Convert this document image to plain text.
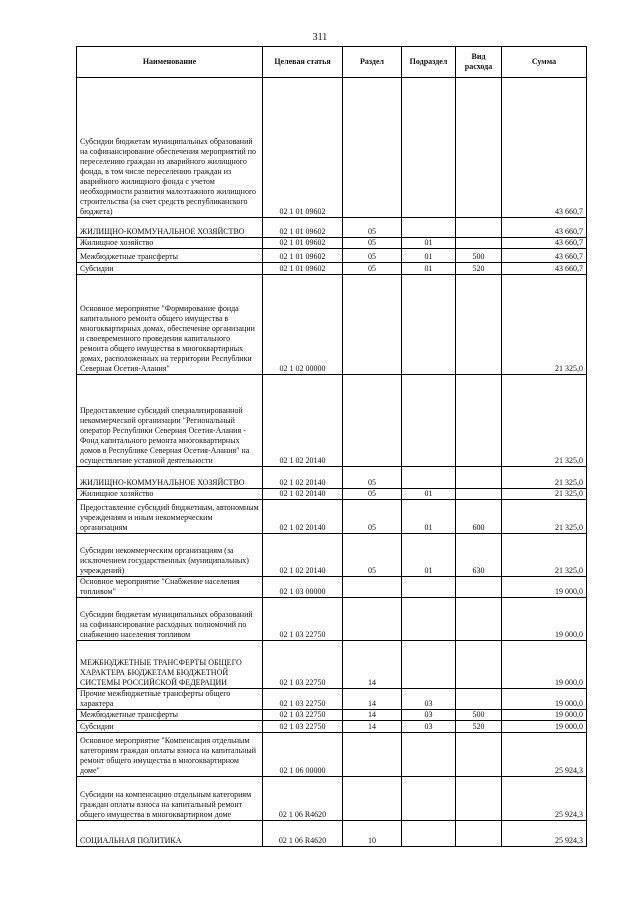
311
Наименование	Целевая статья	Раздел	Подраздел	Вид расхода	Сумма
Субсидии бюджетам муниципальных образований на софинансирование обеспечения мероприятий по переселению граждан из аварийного жилищного фонда, в том числе переселению граждан из аварийного жилищного фонда с учетом необходимости развития малоэтажного жилищного строительства (за счет средств республиканского бюджета)	02 1 01 09602				43 660,7
ЖИЛИЩНО-КОММУНАЛЬНОЕ ХОЗЯЙСТВО	02 1 01 09602	05			43 660,7
Жилищное хозяйство	02 1 01 09602	05	01		43 660,7
Межбюджетные трансферты	02 1 01 09602	05	01	500	43 660,7
Субсидии	02 1 01 09602	05	01	520	43 660,7
Основное мероприятие "Формирование фонда капитального ремонта общего имущества в многоквартирных домах, обеспечение организации и своевременного проведения капитального ремонта общего имущества в многоквартирных домах, расположенных на территории Республики Северная Осетия-Алания"	02 1 02 00000				21 325,0
Предоставление субсидий специализированной некоммерческой организации "Региональный оператор Республики Северная Осетия-Алания - Фонд капитального ремонта многоквартирных домов в Республике Северная Осетия-Алания" на осуществление уставной деятельности	02 1 02 20140				21 325,0
ЖИЛИЩНО-КОММУНАЛЬНОЕ ХОЗЯЙСТВО	02 1 02 20140	05			21 325,0
Жилищное хозяйство	02 1 02 20140	05	01		21 325,0
Предоставление субсидий бюджетным, автономным учреждениям и иным некоммерческим организациям	02 1 02 20140	05	01	600	21 325,0
Субсидии некоммерческим организациям (за исключением государственных (муниципальных) учреждений)	02 1 02 20140	05	01	630	21 325,0
Основное мероприятие "Снабжение населения топливом"	02 1 03 00000				19 000,0
Субсидии бюджетам муниципальных образований на софинансирование расходных полномочий по снабжению населения топливом	02 1 03 22750				19 000,0
МЕЖБЮДЖЕТНЫЕ ТРАНСФЕРТЫ ОБЩЕГО ХАРАКТЕРА БЮДЖЕТАМ БЮДЖЕТНОЙ СИСТЕМЫ РОССИЙСКОЙ ФЕДЕРАЦИИ	02 1 03 22750	14			19 000,0
Прочие межбюджетные трансферты общего характера	02 1 03 22750	14	03		19 000,0
Межбюджетные трансферты	02 1 03 22750	14	03	500	19 000,0
Субсидии	02 1 03 22750	14	03	520	19 000,0
Основное мероприятие "Компенсация отдельным категориям граждан оплаты взноса на капитальный ремонт общего имущества в многоквартирном доме"	02 1 06 00000				25 924,3
Субсидии на компенсацию отдельным категориям граждан оплаты взноса на капитальный ремонт общего имущества в многоквартирном доме	02 1 06 R4620				25 924,3
СОЦИАЛЬНАЯ ПОЛИТИКА	02 1 06 R4620	10			25 924,3
